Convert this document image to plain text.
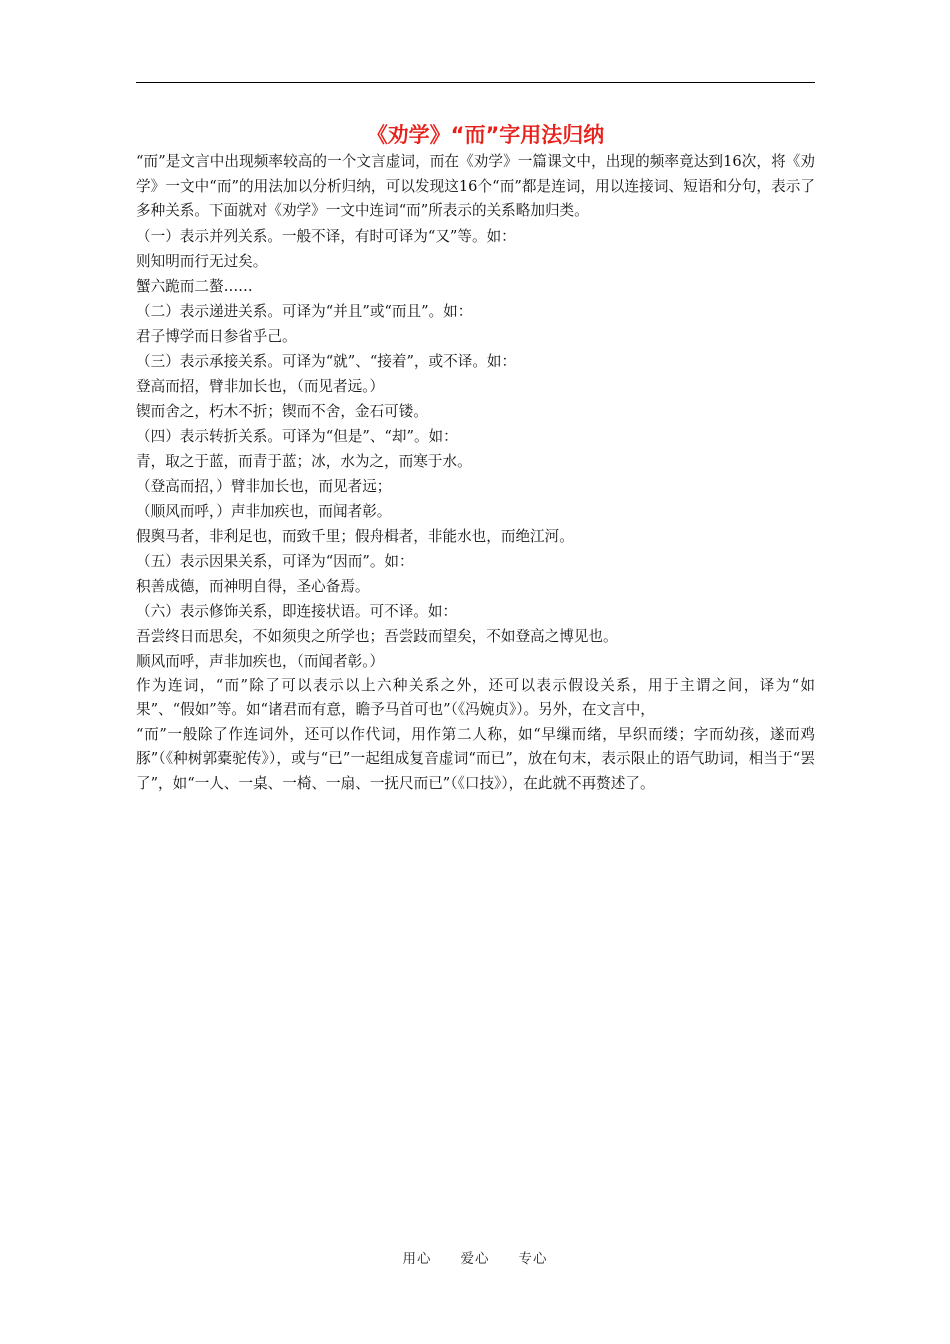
《劝学》“而”字用法归纳

“而”是文言中出现频率较高的一个文言虚词，而在《劝学》一篇课文中，出现的频率竟达到16次，将《劝学》一文中“而”的用法加以分析归纳，可以发现这16个“而”都是连词，用以连接词、短语和分句，表示了多种关系。下面就对《劝学》一文中连词“而”所表示的关系略加归类。

（一）表示并列关系。一般不译，有时可译为“又”等。如：

则知明而行无过矣。

蟹六跪而二螯……

（二）表示递进关系。可译为“并且”或“而且”。如：

君子博学而日参省乎己。

（三）表示承接关系。可译为“就”、“接着”，或不译。如：

登高而招，臂非加长也，（而见者远。）

锲而舍之，朽木不折；锲而不舍，金石可镂。

（四）表示转折关系。可译为“但是”、“却”。如：

青，取之于蓝，而青于蓝；冰，水为之，而寒于水。

（登高而招，）臂非加长也，而见者远；

（顺风而呼，）声非加疾也，而闻者彰。

假舆马者，非利足也，而致千里；假舟楫者，非能水也，而绝江河。

（五）表示因果关系，可译为“因而”。如：

积善成德，而神明自得，圣心备焉。

（六）表示修饰关系，即连接状语。可不译。如：

吾尝终日而思矣，不如须臾之所学也；吾尝跂而望矣，不如登高之博见也。

顺风而呼，声非加疾也，（而闻者彰。）

作为连词，“而”除了可以表示以上六种关系之外，还可以表示假设关系，用于主谓之间，译为“如果”、“假如”等。如“诸君而有意，瞻予马首可也”（《冯婉贞》）。另外，在文言中，

“而”一般除了作连词外，还可以作代词，用作第二人称，如“早缫而绪，早织而缕；字而幼孩，遂而鸡豚”（《种树郭橐驼传》），或与“已”一起组成复音虚词“而已”，放在句末，表示限止的语气助词，相当于“罢了”，如“一人、一桌、一椅、一扇、一抚尺而已”（《口技》），在此就不再赘述了。

用心　　爱心　　专心
